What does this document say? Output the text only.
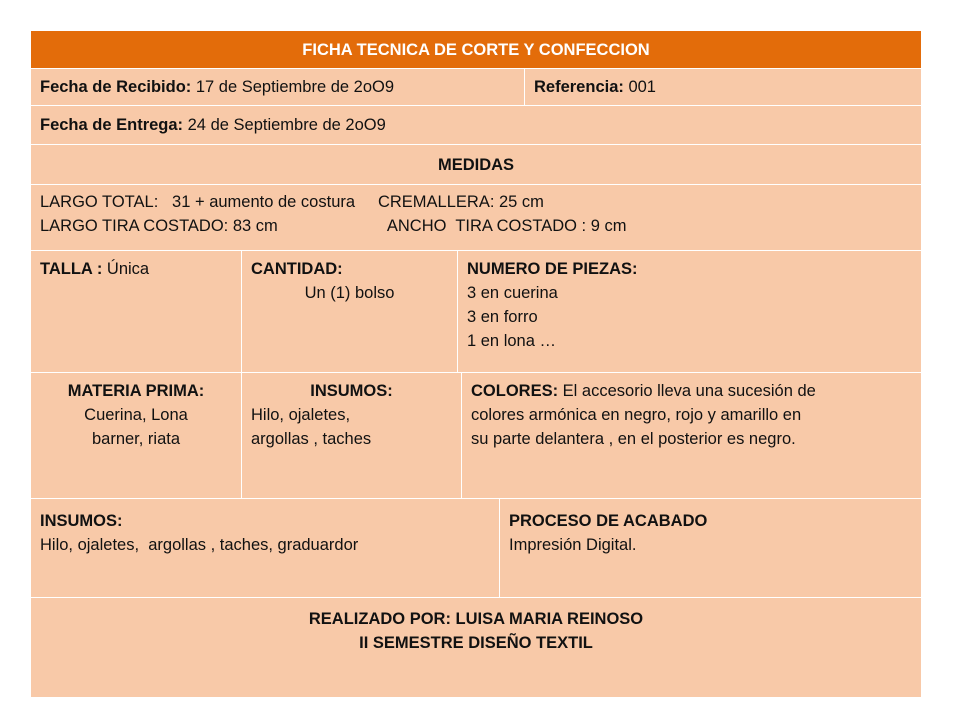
FICHA TECNICA DE CORTE Y CONFECCION
Fecha de Recibido: 17 de Septiembre de 2oO9	Referencia: 001
Fecha de Entrega: 24 de Septiembre de 2oO9
MEDIDAS
LARGO TOTAL:   31 + aumento de costura     CREMALLERA: 25 cm
LARGO TIRA COSTADO: 83 cm                        ANCHO  TIRA COSTADO : 9 cm
TALLA : Única	CANTIDAD:
Un (1) bolso
NUMERO DE PIEZAS:
3 en cuerina
3 en forro
1 en lona …
MATERIA PRIMA:
Cuerina, Lona
barner, riata
INSUMOS:
Hilo, ojaletes,
argollas , taches
COLORES: El accesorio lleva una sucesión de
colores armónica en negro, rojo y amarillo en
su parte delantera , en el posterior es negro.
INSUMOS:
Hilo, ojaletes,  argollas , taches, graduardor
PROCESO DE ACABADO
Impresión Digital.
REALIZADO POR: LUISA MARIA REINOSO
II SEMESTRE DISEÑO TEXTIL
